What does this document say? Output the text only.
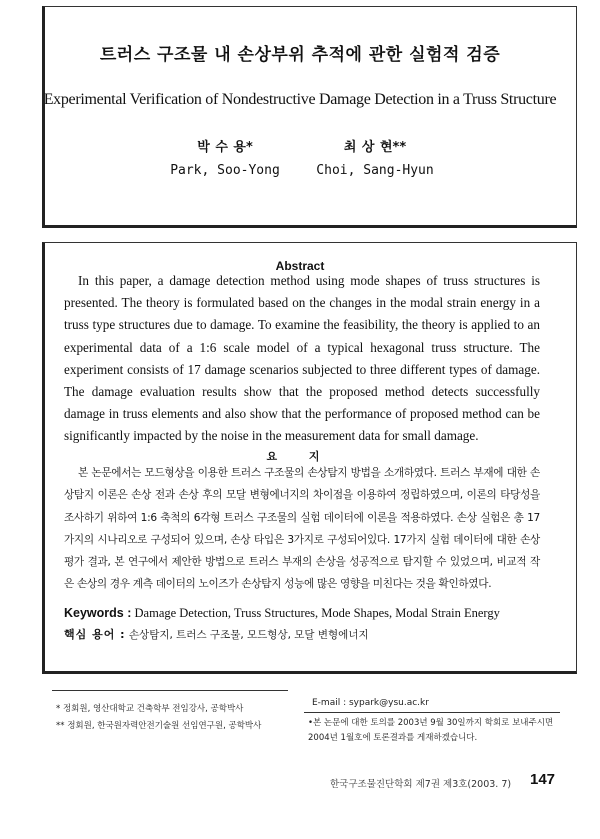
트러스 구조물 내 손상부위 추적에 관한 실험적 검증
Experimental Verification of Nondestructive Damage Detection in a Truss Structure
박 수 용*	최 상 현**
Park, Soo-Yong	Choi, Sang-Hyun
Abstract
In this paper, a damage detection method using mode shapes of truss structures is presented. The theory is formulated based on the changes in the modal strain energy in a truss type structures due to damage. To examine the feasibility, the theory is applied to an experimental data of a 1:6 scale model of a typical hexagonal truss structure. The experiment consists of 17 damage scenarios subjected to three different types of damage. The damage evaluation results show that the proposed method detects successfully damage in truss elements and also show that the performance of proposed method can be significantly impacted by the noise in the measurement data for small damage.
요 지
본 논문에서는 모드형상을 이용한 트러스 구조물의 손상탐지 방법을 소개하였다. 트러스 부재에 대한 손상탐지 이론은 손상 전과 손상 후의 모달 변형에너지의 차이점을 이용하여 정립하였으며, 이론의 타당성을 조사하기 위하여 1:6 축척의 6각형 트러스 구조물의 실험 데이터에 이론을 적용하였다. 손상 실험은 총 17가지의 시나리오로 구성되어 있으며, 손상 타입은 3가지로 구성되어있다. 17가지 실험 데이터에 대한 손상평가 결과, 본 연구에서 제안한 방법으로 트러스 부재의 손상을 성공적으로 탐지할 수 있었으며, 비교적 작은 손상의 경우 계측 데이터의 노이즈가 손상탐지 성능에 많은 영향을 미친다는 것을 확인하였다.
Keywords : Damage Detection, Truss Structures, Mode Shapes, Modal Strain Energy
핵심 용어 : 손상탐지, 트러스 구조물, 모드형상, 모달 변형에너지
* 정회원, 영산대학교 건축학부 전임강사, 공학박사
** 정회원, 한국원자력안전기술원 선임연구원, 공학박사
E-mail : sypark@ysu.ac.kr
•본 논문에 대한 토의를 2003년 9월 30일까지 학회로 보내주시면 2004년 1월호에 토론결과를 게재하겠습니다.
한국구조물진단학회 제7권 제3호(2003. 7) 147
